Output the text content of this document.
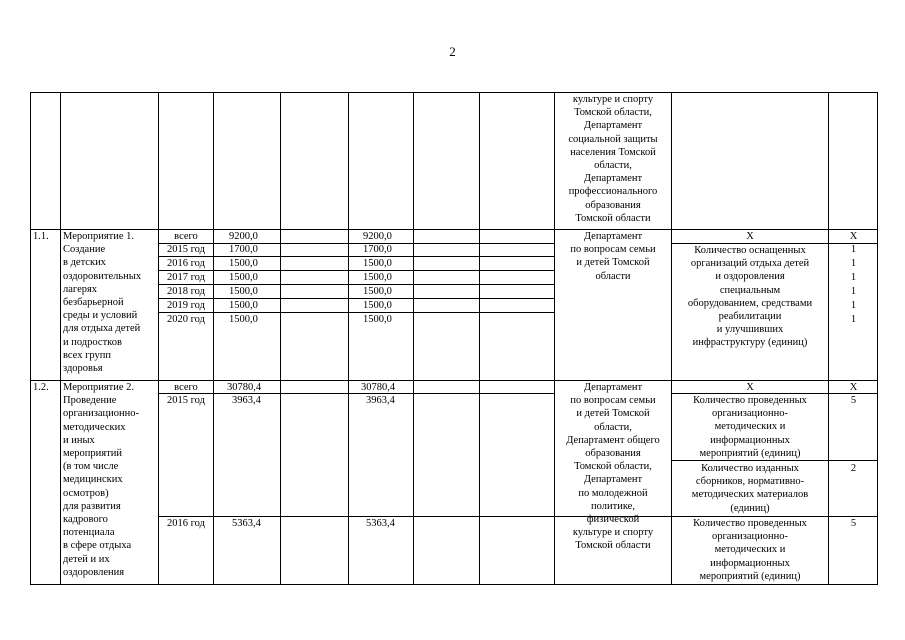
2
культуре и спорту
Томской области,
Департамент
социальной защиты
населения Томской
области,
Департамент
профессионального
образования
Томской области
1.1.	Мероприятие 1.
Создание
в детских
оздоровительных
лагерях
безбарьерной
среды и условий
для отдыха детей
и подростков
всех групп
здоровья
всего
2015 год
2016 год
2017 год
2018 год
2019 год
2020 год
9200,0
1700,0
1500,0
1500,0
1500,0
1500,0
1500,0
9200,0
1700,0
1500,0
1500,0
1500,0
1500,0
1500,0
Департамент
по вопросам семьи
и детей Томской
области
X
Количество оснащенных
организаций отдыха детей
и оздоровления
специальным
оборудованием, средствами
реабилитации
и улучшивших
инфраструктуру (единиц)
X
1
1
1
1
1
1
1.2.	Мероприятие 2.
Проведение
организационно-
методических
и иных
мероприятий
(в том числе
медицинских
осмотров)
для развития
кадрового
потенциала
в сфере отдыха
детей и их
оздоровления
всего
2015 год
2016 год
30780,4
3963,4
5363,4
30780,4
3963,4
5363,4
Департамент
по вопросам семьи
и детей Томской
области,
Департамент общего
образования
Томской области,
Департамент
по молодежной
политике,
физической
культуре и спорту
Томской области
X
Количество проведенных
организационно-
методических и
информационных
мероприятий (единиц)
Количество изданных
сборников, нормативно-
методических материалов
(единиц)
Количество проведенных
организационно-
методических и
информационных
мероприятий (единиц)
X
5
2
5
